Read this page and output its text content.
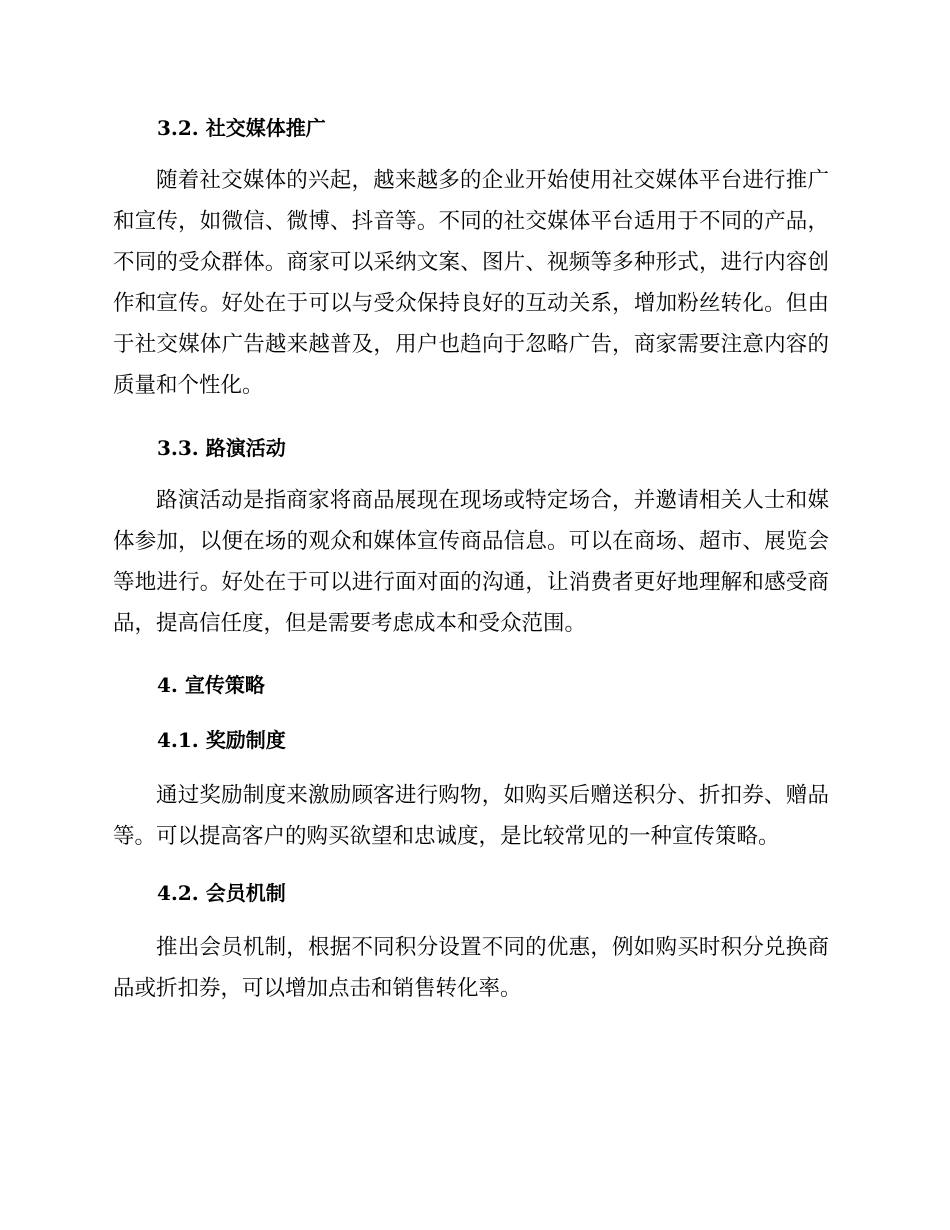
3.2. 社交媒体推广
随着社交媒体的兴起，越来越多的企业开始使用社交媒体平台进行推广和宣传，如微信、微博、抖音等。不同的社交媒体平台适用于不同的产品，不同的受众群体。商家可以采纳文案、图片、视频等多种形式，进行内容创作和宣传。好处在于可以与受众保持良好的互动关系，增加粉丝转化。但由于社交媒体广告越来越普及，用户也趋向于忽略广告，商家需要注意内容的质量和个性化。
3.3. 路演活动
路演活动是指商家将商品展现在现场或特定场合，并邀请相关人士和媒体参加，以便在场的观众和媒体宣传商品信息。可以在商场、超市、展览会等地进行。好处在于可以进行面对面的沟通，让消费者更好地理解和感受商品，提高信任度，但是需要考虑成本和受众范围。
4. 宣传策略
4.1. 奖励制度
通过奖励制度来激励顾客进行购物，如购买后赠送积分、折扣券、赠品等。可以提高客户的购买欲望和忠诚度，是比较常见的一种宣传策略。
4.2. 会员机制
推出会员机制，根据不同积分设置不同的优惠，例如购买时积分兑换商品或折扣券，可以增加点击和销售转化率。
